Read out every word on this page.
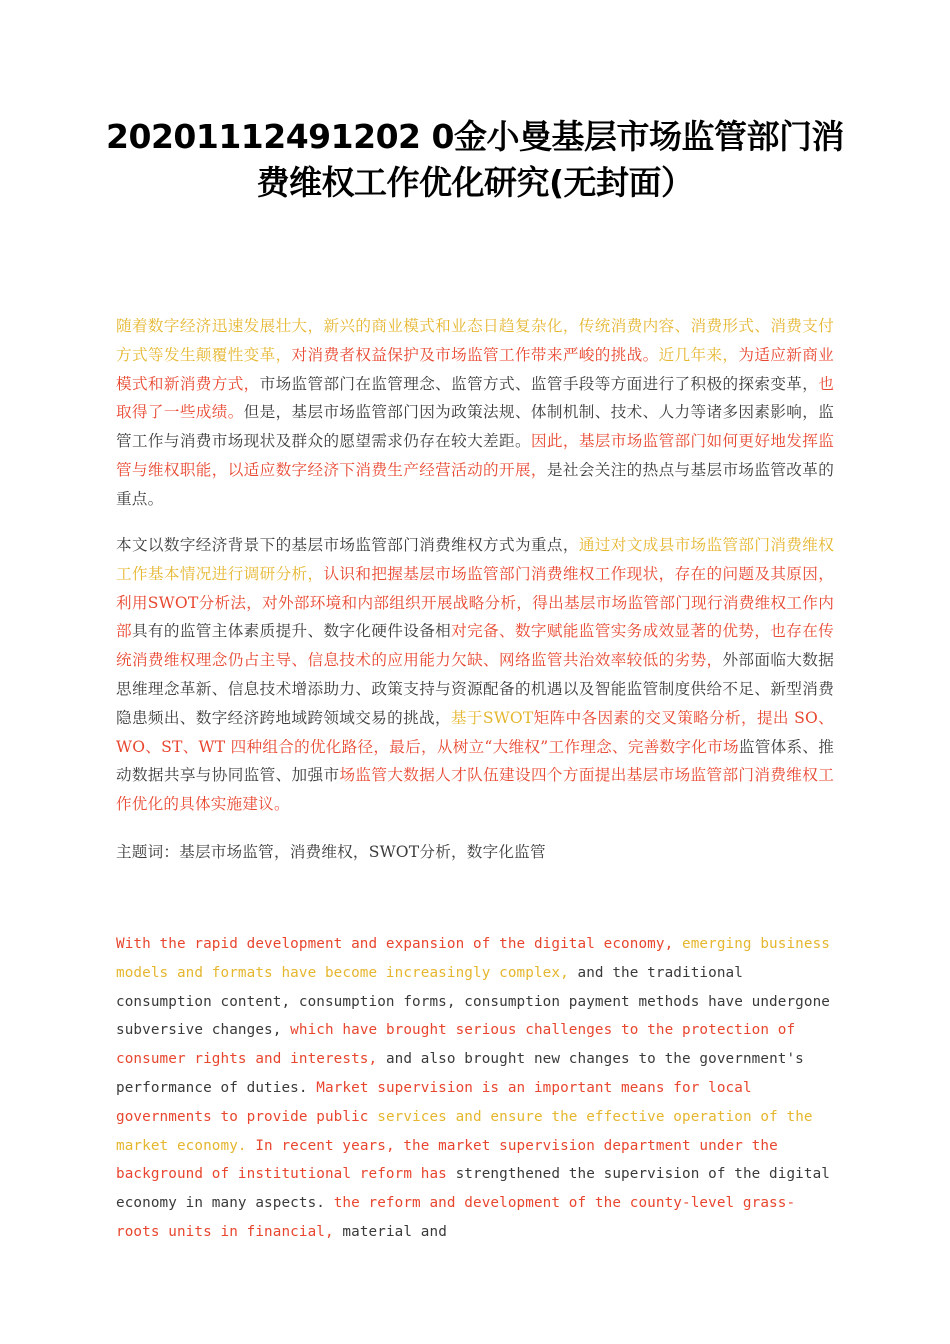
20201112491202 0金小曼基层市场监管部门消费维权工作优化研究(无封面）

随着数字经济迅速发展壮大，新兴的商业模式和业态日趋复杂化，传统消费内容、消费形式、消费支付方式等发生颠覆性变革，对消费者权益保护及市场监管工作带来严峻的挑战。近几年来，为适应新商业模式和新消费方式，市场监管部门在监管理念、监管方式、监管手段等方面进行了积极的探索变革，也取得了一些成绩。但是，基层市场监管部门因为政策法规、体制机制、技术、人力等诸多因素影响，监管工作与消费市场现状及群众的愿望需求仍存在较大差距。因此，基层市场监管部门如何更好地发挥监管与维权职能，以适应数字经济下消费生产经营活动的开展，是社会关注的热点与基层市场监管改革的重点。

本文以数字经济背景下的基层市场监管部门消费维权方式为重点，通过对文成县市场监管部门消费维权工作基本情况进行调研分析，认识和把握基层市场监管部门消费维权工作现状，存在的问题及其原因，利用SWOT分析法，对外部环境和内部组织开展战略分析，得出基层市场监管部门现行消费维权工作内部具有的监管主体素质提升、数字化硬件设备相对完备、数字赋能监管实务成效显著的优势，也存在传统消费维权理念仍占主导、信息技术的应用能力欠缺、网络监管共治效率较低的劣势，外部面临大数据思维理念革新、信息技术增添助力、政策支持与资源配备的机遇以及智能监管制度供给不足、新型消费隐患频出、数字经济跨地域跨领域交易的挑战，基于SWOT矩阵中各因素的交叉策略分析，提出 SO、WO、ST、WT 四种组合的优化路径，最后，从树立“大维权”工作理念、完善数字化市场监管体系、推动数据共享与协同监管、加强市场监管大数据人才队伍建设四个方面提出基层市场监管部门消费维权工作优化的具体实施建议。

主题词：基层市场监管，消费维权，SWOT分析，数字化监管

With the rapid development and expansion of the digital economy, emerging business models and formats have become increasingly complex, and the traditional consumption content, consumption forms, consumption payment methods have undergone subversive changes, which have brought serious challenges to the protection of consumer rights and interests, and also brought new changes to the government's performance of duties. Market supervision is an important means for local governments to provide public services and ensure the effective operation of the market economy. In recent years, the market supervision department under the background of institutional reform has strengthened the supervision of the digital economy in many aspects. the reform and development of the county-level grass-roots units in financial, material and
